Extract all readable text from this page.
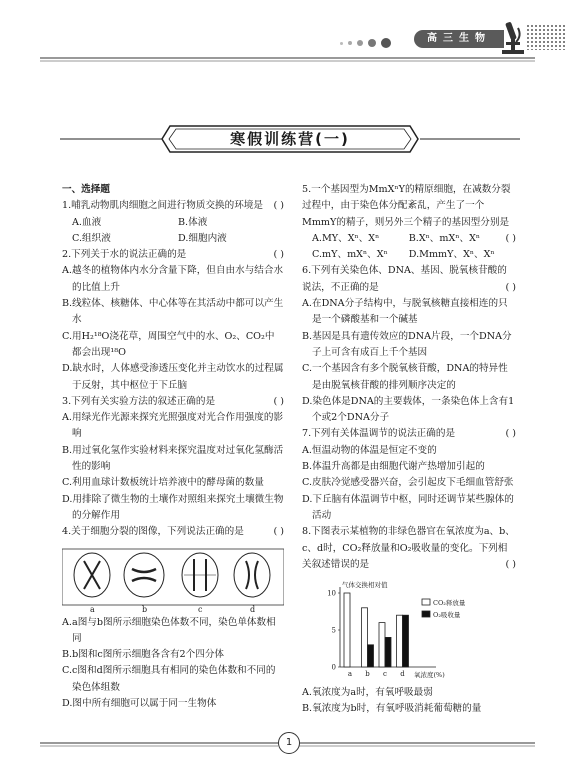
高三生物
寒假训练营(一)
一、选择题
1.哺乳动物肌肉细胞之间进行物质交换的环境是 ( )
A.血液	B.体液
C.组织液	D.细胞内液
2.下列关于水的说法正确的是	( )
A.越冬的植物体内水分含量下降，但自由水与结合水的比值上升
B.线粒体、核糖体、中心体等在其活动中都可以产生水
C.用H₂¹⁸O浇花草，周围空气中的水、O₂、CO₂中都会出现¹⁸O
D.缺水时，人体感受渗透压变化并主动饮水的过程属于反射，其中枢位于下丘脑
3.下列有关实验方法的叙述正确的是	( )
A.用绿光作光源来探究光照强度对光合作用强度的影响
B.用过氧化氢作实验材料来探究温度对过氧化氢酶活性的影响
C.利用血球计数板统计培养液中的酵母菌的数量
D.用排除了微生物的土壤作对照组来探究土壤微生物的分解作用
4.关于细胞分裂的图像，下列说法正确的是	( )
a	b	c	d
A.a图与b图所示细胞染色体数不同，染色单体数相同
B.b图和c图所示细胞各含有2个四分体
C.c图和d图所示细胞具有相同的染色体数和不同的染色体组数
D.图中所有细胞可以属于同一生物体
5.一个基因型为MmXⁿY的精原细胞，在减数分裂过程中，由于染色体分配紊乱，产生了一个MmmY的精子，则另外三个精子的基因型分别是
( )
A.MY、Xⁿ、Xⁿ	B.Xⁿ、mXⁿ、Xⁿ
C.mY、mXⁿ、Xⁿ	D.MmmY、Xⁿ、Xⁿ
6.下列有关染色体、DNA、基因、脱氧核苷酸的说法，不正确的是	( )
A.在DNA分子结构中，与脱氧核糖直接相连的只是一个磷酸基和一个碱基
B.基因是具有遗传效应的DNA片段，一个DNA分子上可含有成百上千个基因
C.一个基因含有多个脱氧核苷酸，DNA的特异性是由脱氧核苷酸的排列顺序决定的
D.染色体是DNA的主要载体，一条染色体上含有1个或2个DNA分子
7.下列有关体温调节的说法正确的是	( )
A.恒温动物的体温是恒定不变的
B.体温升高都是由细胞代谢产热增加引起的
C.皮肤冷觉感受器兴奋，会引起皮下毛细血管舒张
D.下丘脑有体温调节中枢，同时还调节某些腺体的活动
8.下图表示某植物的非绿色器官在氧浓度为a、b、c、d时，CO₂释放量和O₂吸收量的变化。下列相关叙述错误的是	( )
气体交换相对值
氧浓度(%)
0
5
10
a b c d
CO₂释放量
O₂吸收量
A.氧浓度为a时，有氧呼吸最弱
B.氧浓度为b时，有氧呼吸消耗葡萄糖的量
1
